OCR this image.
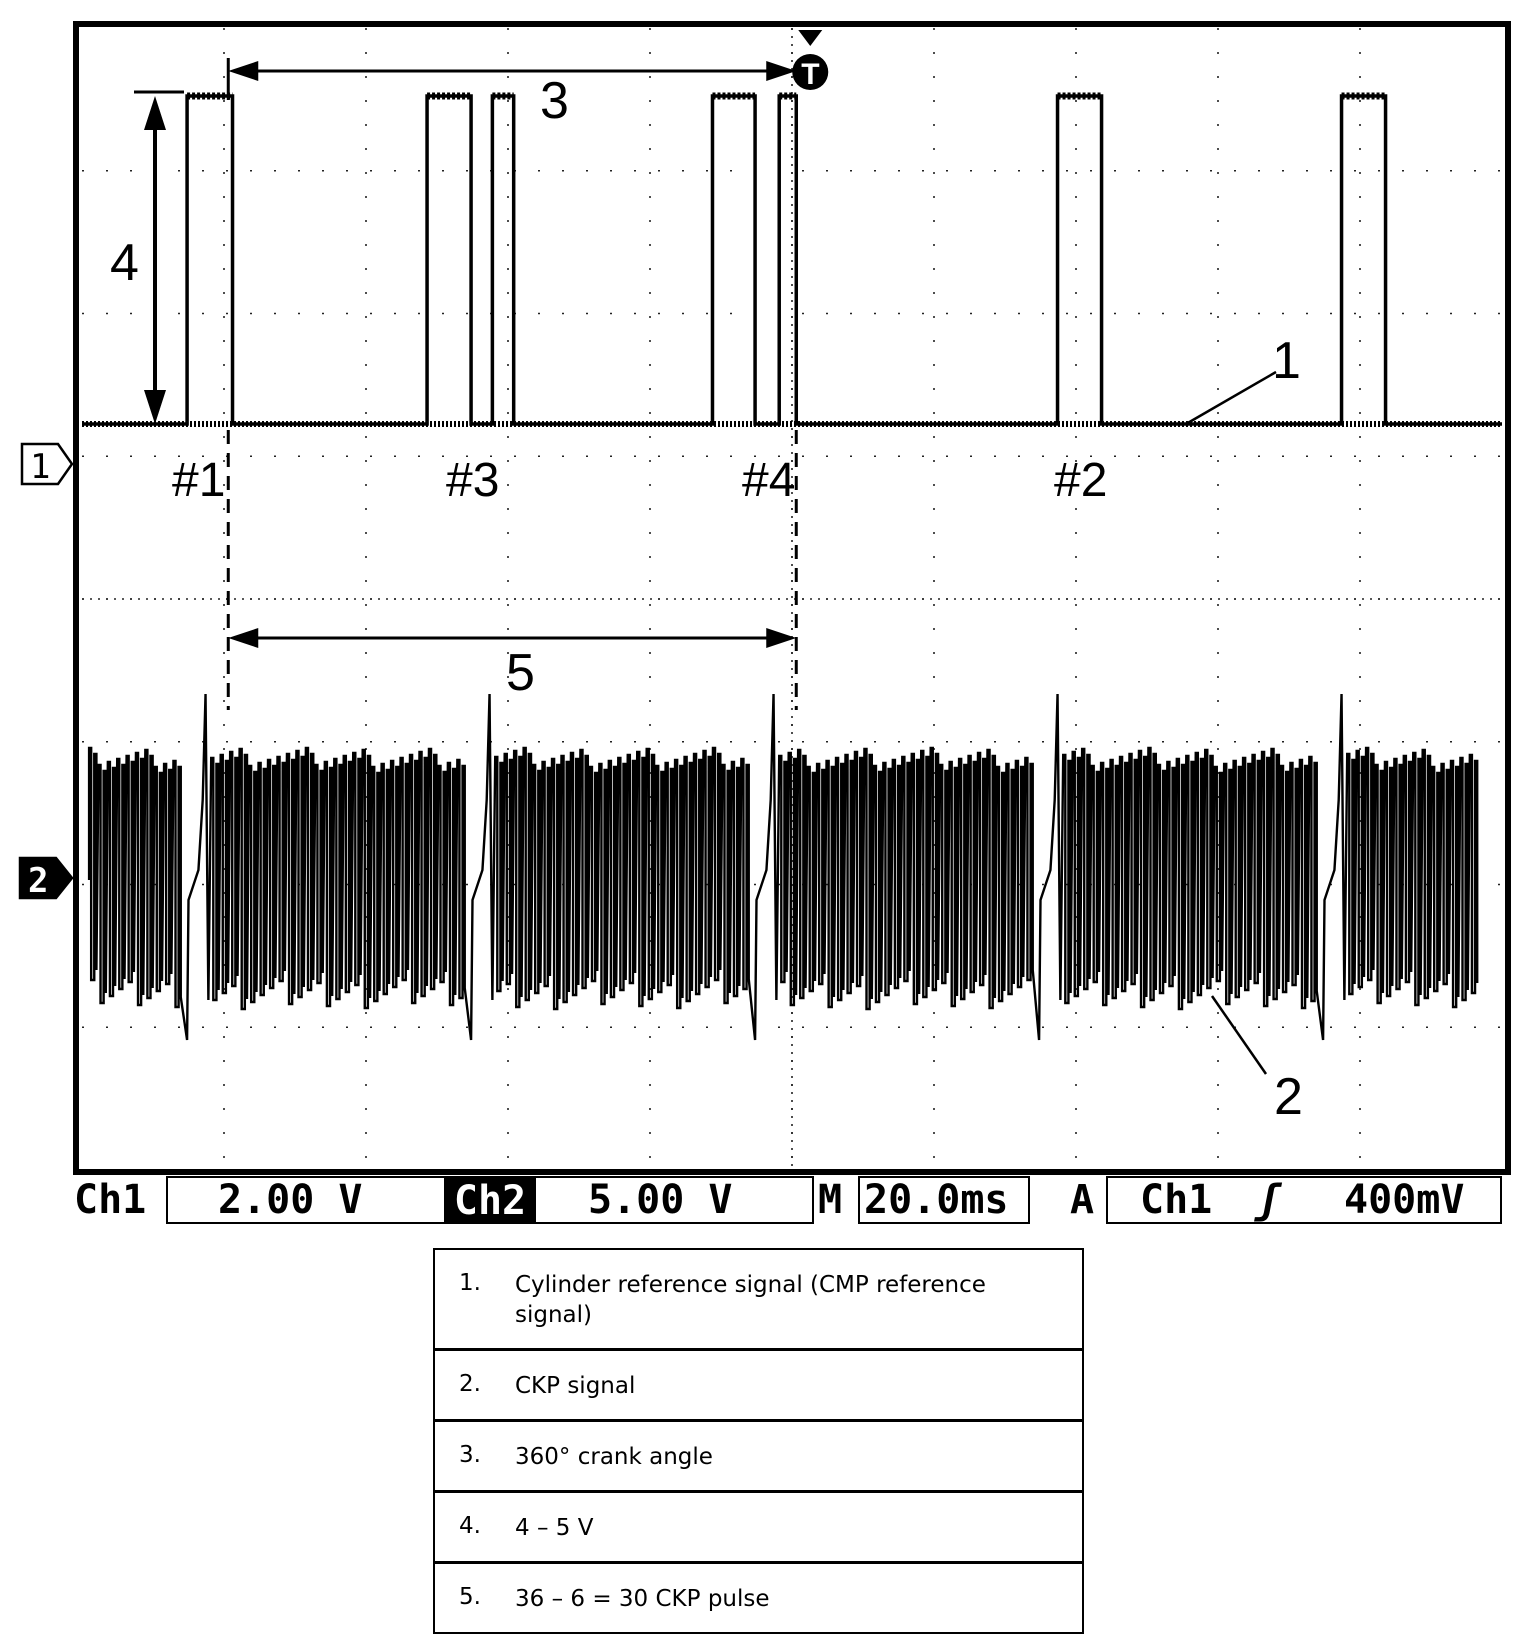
3
4
5
1
2
#1	#3	#4	#2
1
2
T
Ch1	2.00 V	Ch2	5.00 V	M 20.0ms	A

Ch1

ʃ

400mV

1. Cylinder reference signal (CMP reference signal)
2. CKP signal
3. 360° crank angle
4. 4 – 5 V
5. 36 – 6 = 30 CKP pulse
